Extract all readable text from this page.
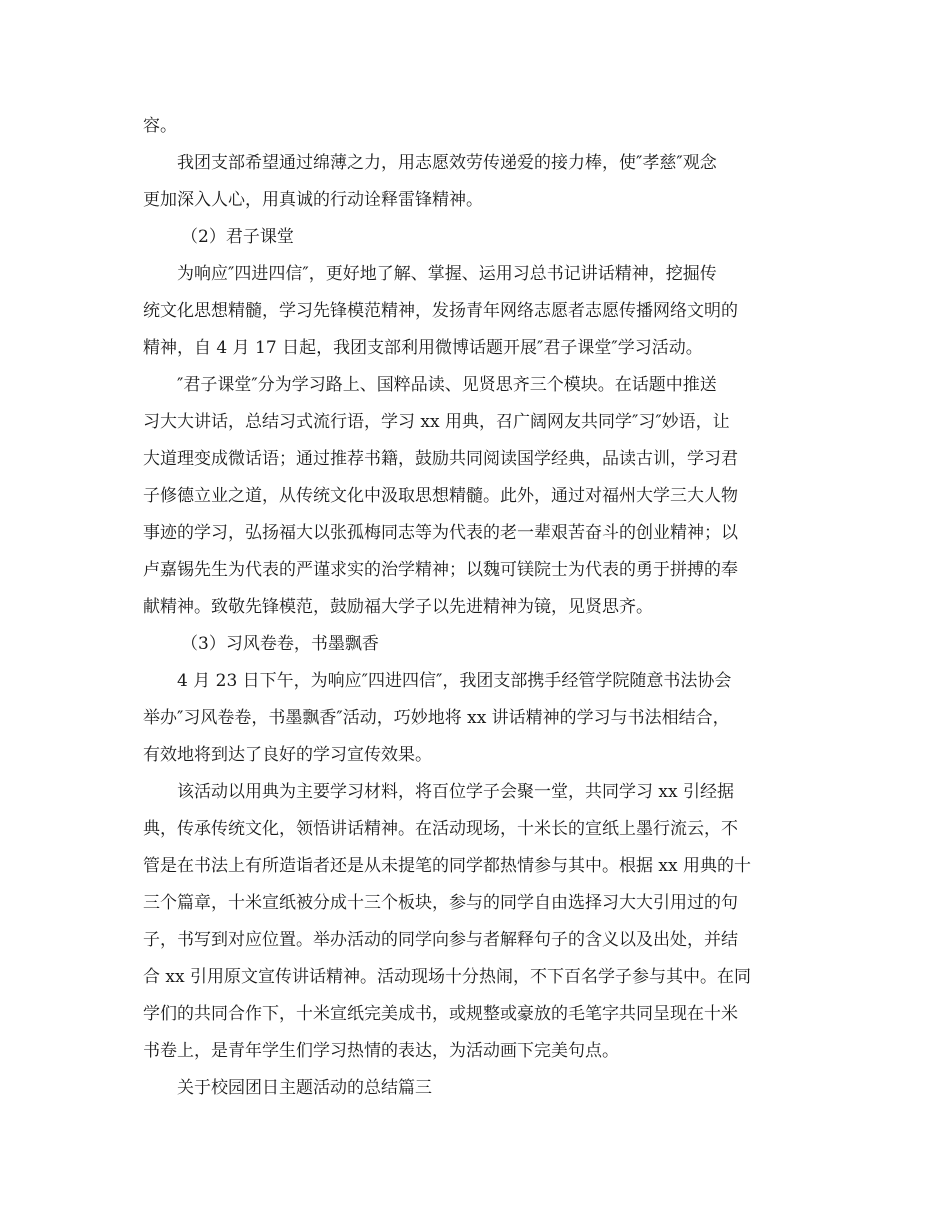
容。

我团支部希望通过绵薄之力，用志愿效劳传递爱的接力棒，使″孝慈″观念
更加深入人心，用真诚的行动诠释雷锋精神。

（2）君子课堂

为响应″四进四信″，更好地了解、掌握、运用习总书记讲话精神，挖掘传
统文化思想精髓，学习先锋模范精神，发扬青年网络志愿者志愿传播网络文明的
精神，自 4 月 17 日起，我团支部利用微博话题开展″君子课堂″学习活动。

″君子课堂″分为学习路上、国粹品读、见贤思齐三个模块。在话题中推送
习大大讲话，总结习式流行语，学习 xx 用典，召广阔网友共同学″习″妙语，让
大道理变成微话语；通过推荐书籍，鼓励共同阅读国学经典，品读古训，学习君
子修德立业之道，从传统文化中汲取思想精髓。此外，通过对福州大学三大人物
事迹的学习，弘扬福大以张孤梅同志等为代表的老一辈艰苦奋斗的创业精神；以
卢嘉锡先生为代表的严谨求实的治学精神；以魏可镁院士为代表的勇于拼搏的奉
献精神。致敬先锋模范，鼓励福大学子以先进精神为镜，见贤思齐。

（3）习风卷卷，书墨飘香

4 月 23 日下午，为响应″四进四信″，我团支部携手经管学院随意书法协会
举办″习风卷卷，书墨飘香″活动，巧妙地将 xx 讲话精神的学习与书法相结合，
有效地将到达了良好的学习宣传效果。

该活动以用典为主要学习材料，将百位学子会聚一堂，共同学习 xx 引经据
典，传承传统文化，领悟讲话精神。在活动现场，十米长的宣纸上墨行流云，不
管是在书法上有所造诣者还是从未提笔的同学都热情参与其中。根据 xx 用典的十
三个篇章，十米宣纸被分成十三个板块，参与的同学自由选择习大大引用过的句
子，书写到对应位置。举办活动的同学向参与者解释句子的含义以及出处，并结
合 xx 引用原文宣传讲话精神。活动现场十分热闹，不下百名学子参与其中。在同
学们的共同合作下，十米宣纸完美成书，或规整或豪放的毛笔字共同呈现在十米
书卷上，是青年学生们学习热情的表达，为活动画下完美句点。

关于校园团日主题活动的总结篇三
